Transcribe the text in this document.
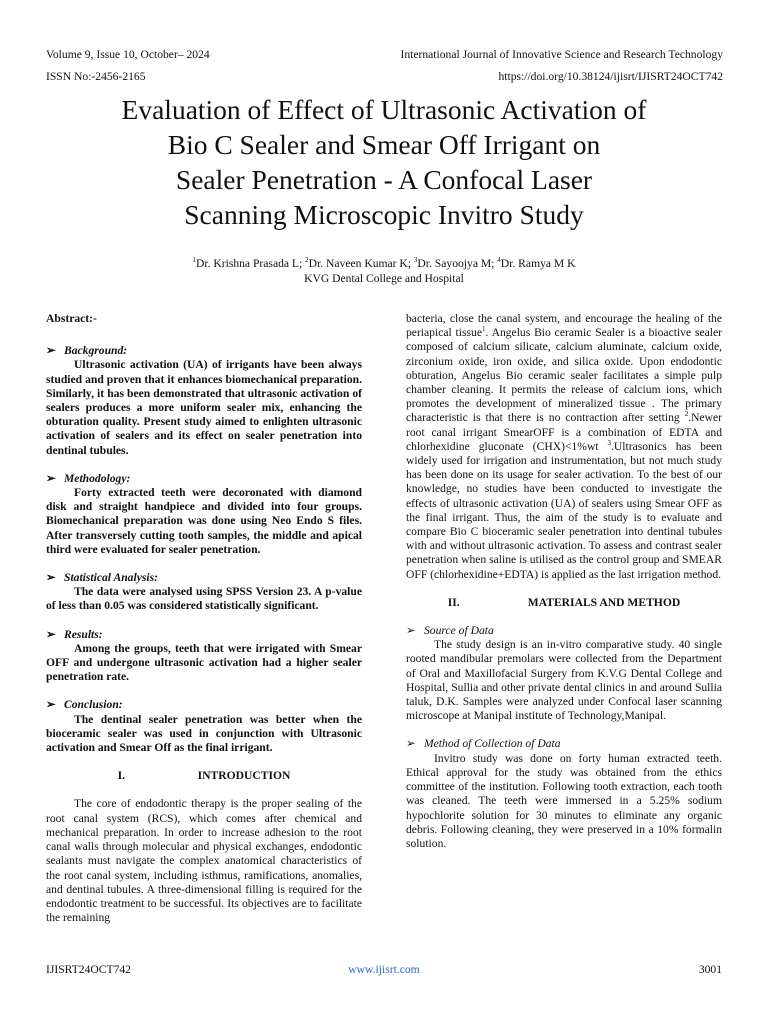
Volume 9, Issue 10, October– 2024
ISSN No:-2456-2165
International Journal of Innovative Science and Research Technology
https://doi.org/10.38124/ijisrt/IJISRT24OCT742
Evaluation of Effect of Ultrasonic Activation of
Bio C Sealer and Smear Off Irrigant on
Sealer Penetration - A Confocal Laser
Scanning Microscopic Invitro Study
$^1$Dr. Krishna Prasada L; $^2$Dr. Naveen Kumar K; $^3$Dr. Sayoojya M; $^4$Dr. Ramya M K
KVG Dental College and Hospital
Abstract:-
➢ Background:

Ultrasonic activation (UA) of irrigants have been always studied and proven that it enhances biomechanical preparation. Similarly, it has been demonstrated that ultrasonic activation of sealers produces a more uniform sealer mix, enhancing the obturation quality. Present study aimed to enlighten ultrasonic activation of sealers and its effect on sealer penetration into dentinal tubules.

➢ Methodology:

Forty extracted teeth were decoronated with diamond disk and straight handpiece and divided into four groups. Biomechanical preparation was done using Neo Endo S files. After transversely cutting tooth samples, the middle and apical third were evaluated for sealer penetration.

➢ Statistical Analysis:

The data were analysed using SPSS Version 23. A p-value of less than 0.05 was considered statistically significant.

➢ Results:

Among the groups, teeth that were irrigated with Smear OFF and undergone ultrasonic activation had a higher sealer penetration rate.

➢ Conclusion:

The dentinal sealer penetration was better when the bioceramic sealer was used in conjunction with Ultrasonic activation and Smear Off as the final irrigant.

I.	INTRODUCTION

The core of endodontic therapy is the proper sealing of the root canal system (RCS), which comes after chemical and mechanical preparation. In order to increase adhesion to the root canal walls through molecular and physical exchanges, endodontic sealants must navigate the complex anatomical characteristics of the root canal system, including isthmus, ramifications, anomalies, and dentinal tubules. A three-dimensional filling is required for the endodontic treatment to be successful. Its objectives are to facilitate the remaining

bacteria, close the canal system, and encourage the healing of the periapical tissue$^1$. Angelus Bio ceramic Sealer is a bioactive sealer composed of calcium silicate, calcium aluminate, calcium oxide, zirconium oxide, iron oxide, and silica oxide. Upon endodontic obturation, Angelus Bio ceramic sealer facilitates a simple pulp chamber cleaning. It permits the release of calcium ions, which promotes the development of mineralized tissue . The primary characteristic is that there is no contraction after setting $^2$.Newer root canal irrigant SmearOFF is a combination of EDTA and chlorhexidine gluconate (CHX)<1%wt $^3$.Ultrasonics has been widely used for irrigation and instrumentation, but not much study has been done on its usage for sealer activation. To the best of our knowledge, no studies have been conducted to investigate the effects of ultrasonic activation (UA) of sealers using Smear OFF as the final irrigant. Thus, the aim of the study is to evaluate and compare Bio C bioceramic sealer penetration into dentinal tubules with and without ultrasonic activation. To assess and contrast sealer penetration when saline is utilised as the control group and SMEAR OFF (chlorhexidine+EDTA) is applied as the last irrigation method.

II.	MATERIALS AND METHOD
➢ Source of Data

The study design is an in-vitro comparative study. 40 single rooted mandibular premolars were collected from the Department of Oral and Maxillofacial Surgery from K.V.G Dental College and Hospital, Sullia and other private dental clinics in and around Sullia taluk, D.K. Samples were analyzed under Confocal laser scanning microscope at Manipal institute of Technology,Manipal.

➢ Method of Collection of Data

Invitro study was done on forty human extracted teeth. Ethical approval for the study was obtained from the ethics committee of the institution. Following tooth extraction, each tooth was cleaned. The teeth were immersed in a 5.25% sodium hypochlorite solution for 30 minutes to eliminate any organic debris. Following cleaning, they were preserved in a 10% formalin solution.

IJISRT24OCT742	www.ijisrt.com	3001
